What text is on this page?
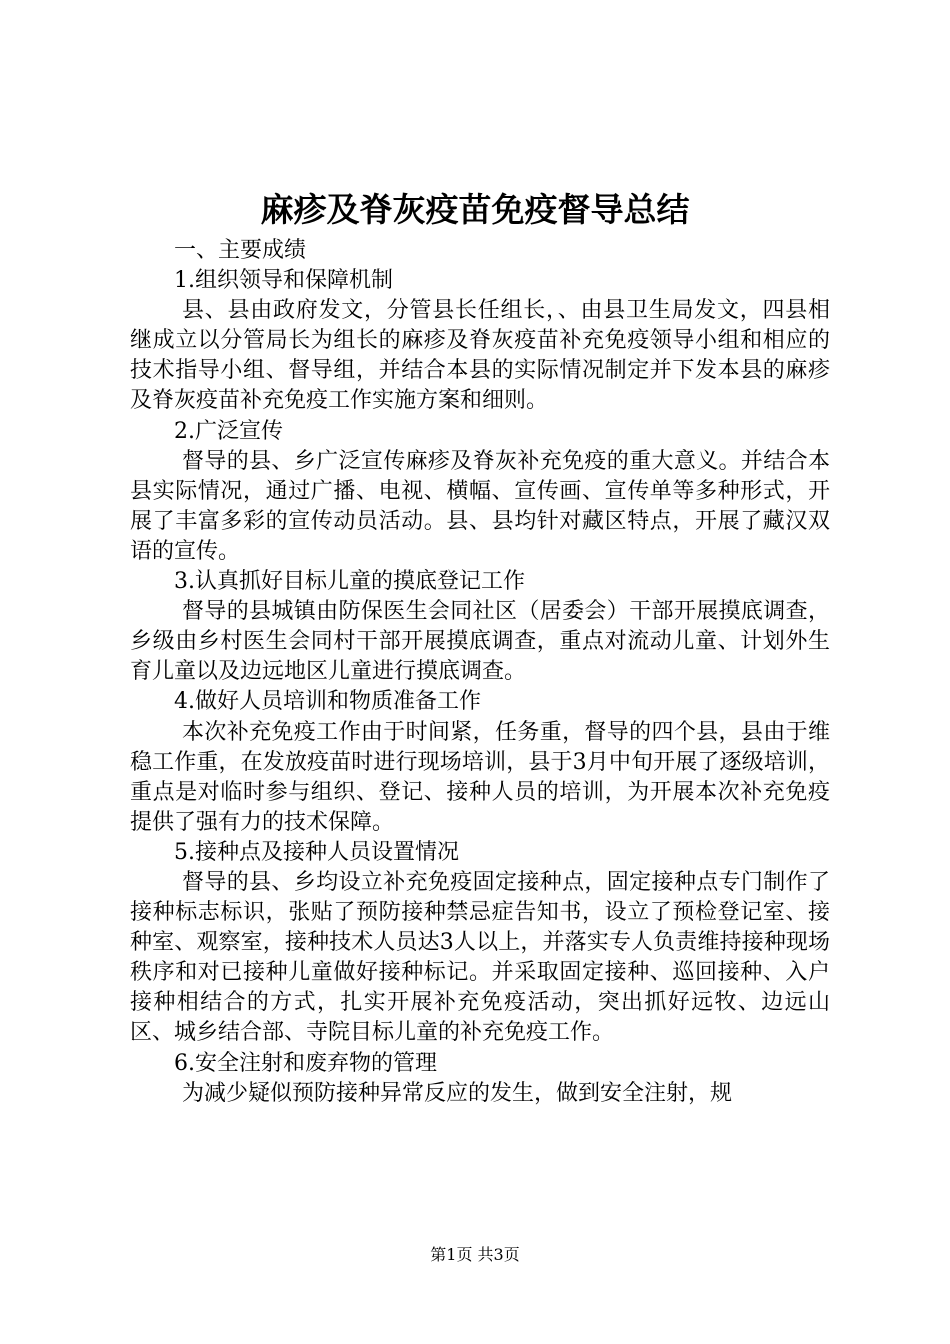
麻疹及脊灰疫苗免疫督导总结

一、主要成绩

1.组织领导和保障机制

县、县由政府发文，分管县长任组长，、由县卫生局发文，四县相继成立以分管局长为组长的麻疹及脊灰疫苗补充免疫领导小组和相应的技术指导小组、督导组，并结合本县的实际情况制定并下发本县的麻疹及脊灰疫苗补充免疫工作实施方案和细则。

2.广泛宣传

督导的县、乡广泛宣传麻疹及脊灰补充免疫的重大意义。并结合本县实际情况，通过广播、电视、横幅、宣传画、宣传单等多种形式，开展了丰富多彩的宣传动员活动。县、县均针对藏区特点，开展了藏汉双语的宣传。

3.认真抓好目标儿童的摸底登记工作

督导的县城镇由防保医生会同社区（居委会）干部开展摸底调查，乡级由乡村医生会同村干部开展摸底调查，重点对流动儿童、计划外生育儿童以及边远地区儿童进行摸底调查。

4.做好人员培训和物质准备工作

本次补充免疫工作由于时间紧，任务重，督导的四个县，县由于维稳工作重，在发放疫苗时进行现场培训，县于3月中旬开展了逐级培训，重点是对临时参与组织、登记、接种人员的培训，为开展本次补充免疫提供了强有力的技术保障。

5.接种点及接种人员设置情况

督导的县、乡均设立补充免疫固定接种点，固定接种点专门制作了接种标志标识，张贴了预防接种禁忌症告知书，设立了预检登记室、接种室、观察室，接种技术人员达3人以上，并落实专人负责维持接种现场秩序和对已接种儿童做好接种标记。并采取固定接种、巡回接种、入户接种相结合的方式，扎实开展补充免疫活动，突出抓好远牧、边远山区、城乡结合部、寺院目标儿童的补充免疫工作。

6.安全注射和废弃物的管理

为减少疑似预防接种异常反应的发生，做到安全注射，规

第1页 共3页
